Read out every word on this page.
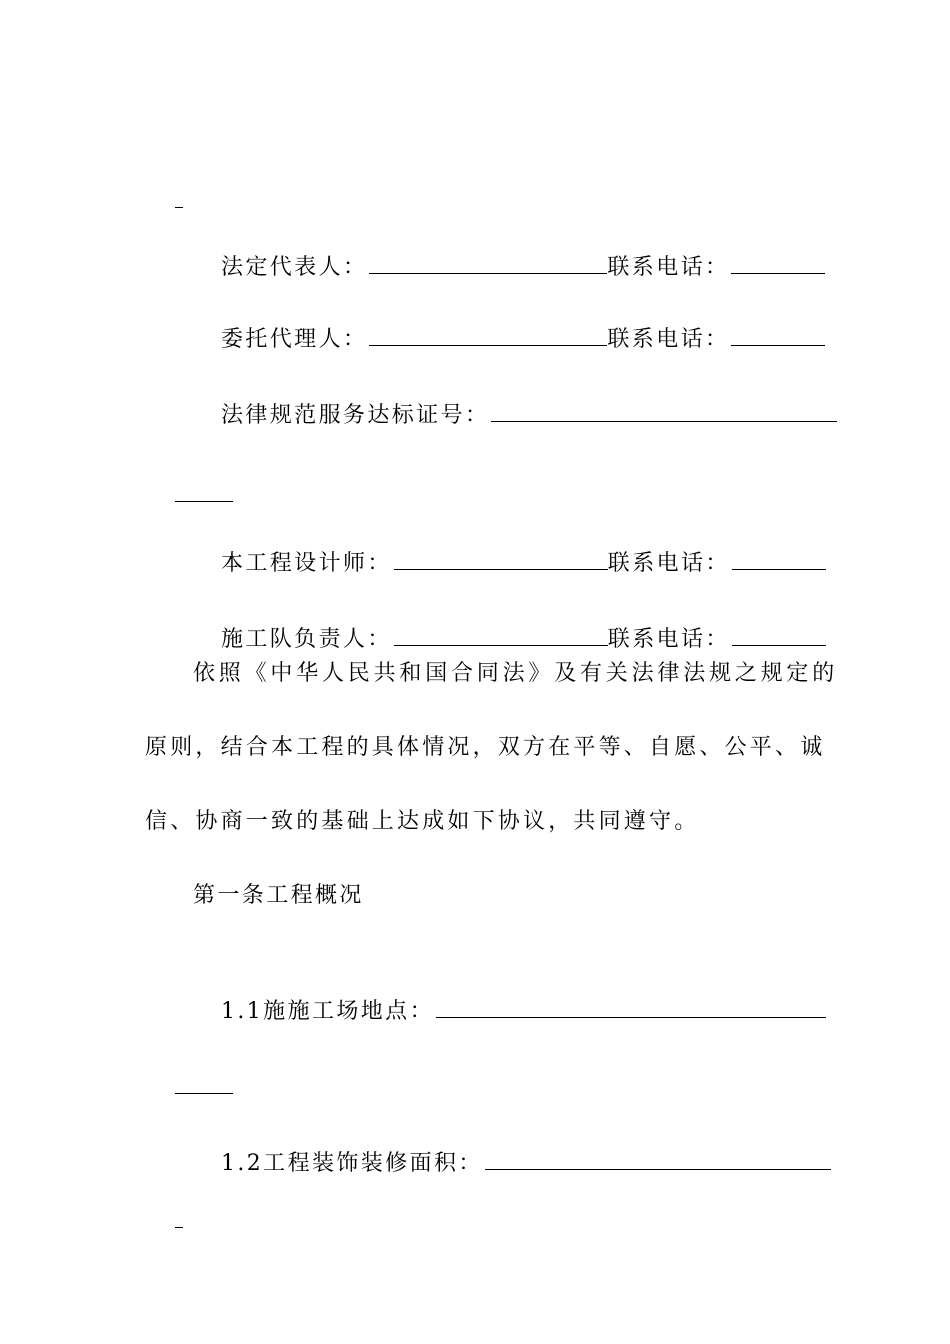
法定代表人：	联系电话：

委托代理人：	联系电话：

法律规范服务达标证号：

本工程设计师：	联系电话：

施工队负责人：	联系电话：

依照《中华人民共和国合同法》及有关法律法规之规定的
原则，结合本工程的具体情况，双方在平等、自愿、公平、诚
信、协商一致的基础上达成如下协议，共同遵守。
第一条工程概况

1.1施施工场地点：

1.2工程装饰装修面积：
